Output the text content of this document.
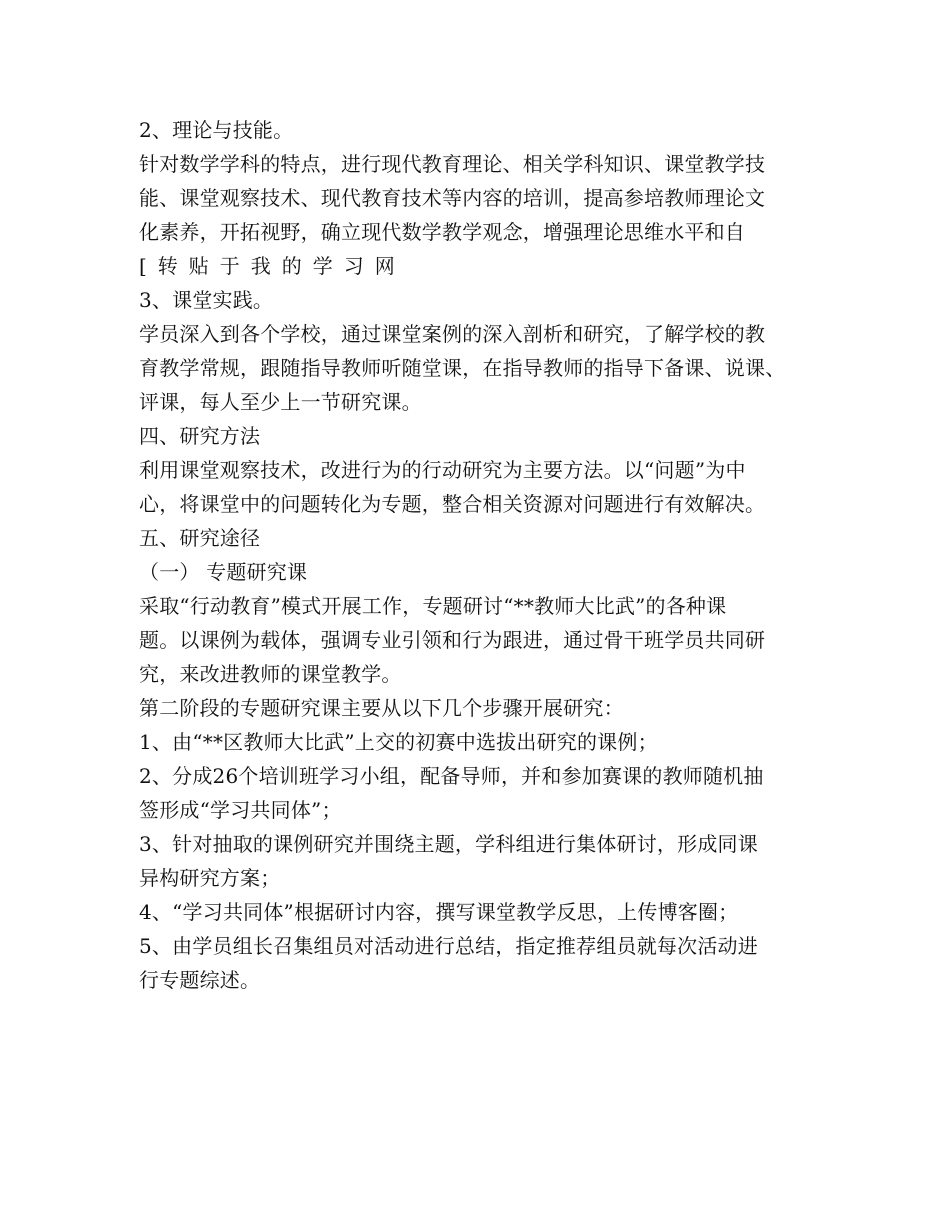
2、理论与技能。
针对数学学科的特点，进行现代教育理论、相关学科知识、课堂教学技
能、课堂观察技术、现代教育技术等内容的培训，提高参培教师理论文
化素养，开拓视野，确立现代数学教学观念，增强理论思维水平和自
[转贴于我的学习网
3、课堂实践。
学员深入到各个学校，通过课堂案例的深入剖析和研究，了解学校的教
育教学常规，跟随指导教师听随堂课，在指导教师的指导下备课、说课、
评课，每人至少上一节研究课。
四、研究方法
利用课堂观察技术，改进行为的行动研究为主要方法。以“问题”为中
心，将课堂中的问题转化为专题，整合相关资源对问题进行有效解决。
五、研究途径
（一） 专题研究课
采取“行动教育”模式开展工作，专题研讨“**教师大比武”的各种课
题。以课例为载体，强调专业引领和行为跟进，通过骨干班学员共同研
究，来改进教师的课堂教学。
第二阶段的专题研究课主要从以下几个步骤开展研究：
1、由“**区教师大比武”上交的初赛中选拔出研究的课例；
2、分成26个培训班学习小组，配备导师，并和参加赛课的教师随机抽
签形成“学习共同体”；
3、针对抽取的课例研究并围绕主题，学科组进行集体研讨，形成同课
异构研究方案；
4、“学习共同体”根据研讨内容，撰写课堂教学反思，上传博客圈；
5、由学员组长召集组员对活动进行总结，指定推荐组员就每次活动进
行专题综述。
